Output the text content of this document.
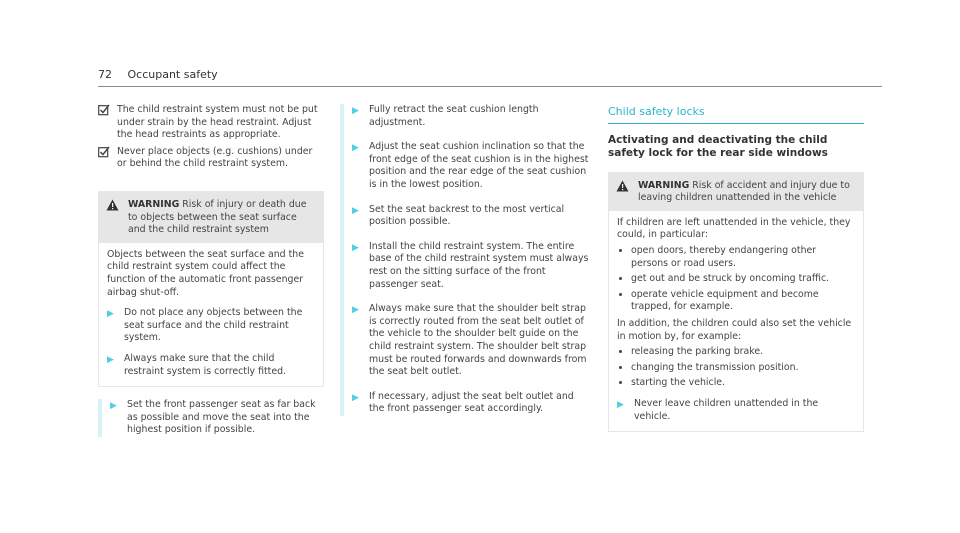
72 Occupant safety
The child restraint system must not be put under strain by the head restraint. Adjust the head restraints as appropriate.
Never place objects (e.g. cushions) under or behind the child restraint system.
WARNING Risk of injury or death due to objects between the seat surface and the child restraint system
Objects between the seat surface and the child restraint system could affect the function of the automatic front passenger airbag shut-off.
▶	Do not place any objects between the seat surface and the child restraint system.
▶	Always make sure that the child restraint system is correctly fitted.
▶	Set the front passenger seat as far back as possible and move the seat into the highest position if possible.
▶	Fully retract the seat cushion length adjustment.
▶	Adjust the seat cushion inclination so that the front edge of the seat cushion is in the highest position and the rear edge of the seat cushion is in the lowest position.
▶	Set the seat backrest to the most vertical position possible.
▶	Install the child restraint system. The entire base of the child restraint system must always rest on the sitting surface of the front passenger seat.
▶	Always make sure that the shoulder belt strap is correctly routed from the seat belt outlet of the vehicle to the shoulder belt guide on the child restraint system. The shoulder belt strap must be routed forwards and downwards from the seat belt outlet.
▶	If necessary, adjust the seat belt outlet and the front passenger seat accordingly.
Child safety locks
Activating and deactivating the child safety lock for the rear side windows
WARNING Risk of accident and injury due to leaving children unattended in the vehicle
If children are left unattended in the vehicle, they could, in particular:
• open doors, thereby endangering other persons or road users.
• get out and be struck by oncoming traffic.
• operate vehicle equipment and become trapped, for example.
In addition, the children could also set the vehicle in motion by, for example:
• releasing the parking brake.
• changing the transmission position.
• starting the vehicle.
▶	Never leave children unattended in the vehicle.
